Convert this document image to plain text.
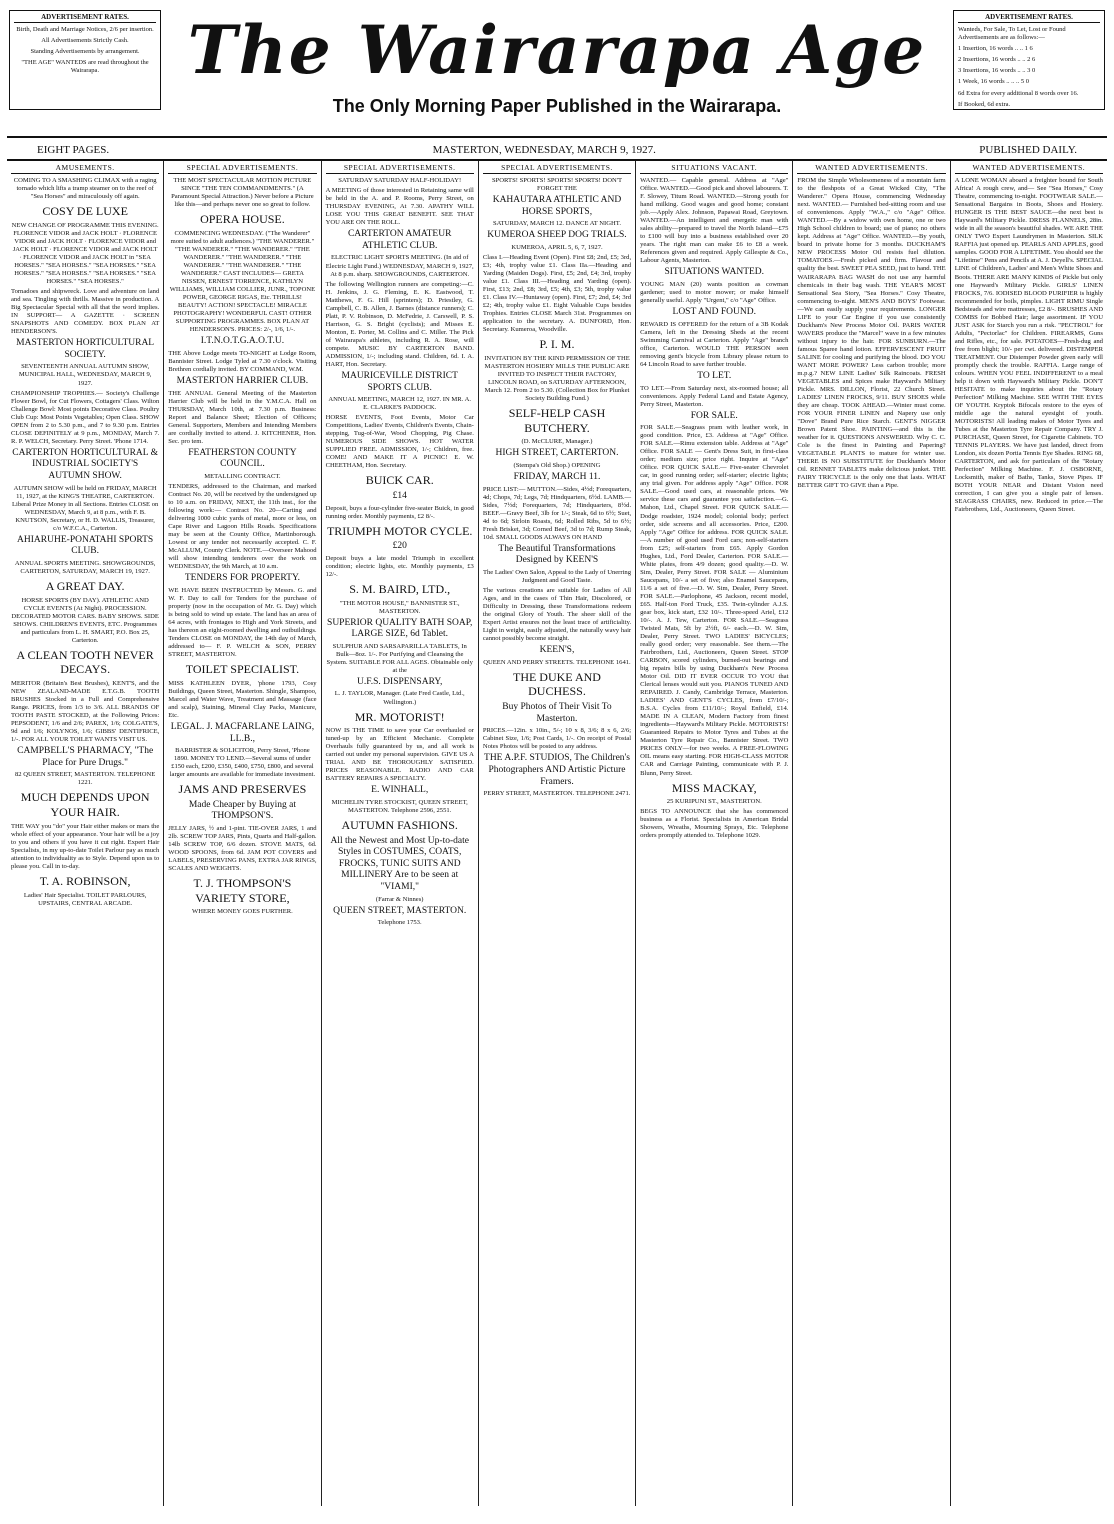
ADVERTISEMENT RATES.

Birth, Death and Marriage Notices, 2/6 per insertion.

All Advertisements Strictly Cash.

Standing Advertisements by arrangement.

"THE AGE" WANTEDS are read throughout the Wairarapa.	The Wairarapa Age
The Only Morning Paper Published in the Wairarapa.
ADVERTISEMENT RATES.

Wanteds, For Sale, To Let, Lost or Found Advertisements are as follows:—

1 Insertion, 16 words .. .. 1 6

2 Insertions, 16 words .. .. 2 6

3 Insertions, 16 words .. .. 3 0

1 Week, 16 words .. .. .. 5 0

6d Extra for every additional 8 words over 16.

If Booked, 6d extra.

EIGHT PAGES.	MASTERTON, WEDNESDAY, MARCH 9, 1927.	PUBLISHED DAILY.
AMUSEMENTS.
COMING TO A SMASHING CLIMAX with a raging tornado which lifts a tramp steamer on to the reef of "Sea Horses" and miraculously off again.
COSY DE LUXE
NEW CHANGE OF PROGRAMME THIS EVENING. FLORENCE VIDOR and JACK HOLT · FLORENCE VIDOR and JACK HOLT · FLORENCE VIDOR and JACK HOLT · FLORENCE VIDOR and JACK HOLT · FLORENCE VIDOR and JACK HOLT in "SEA HORSES." "SEA HORSES." "SEA HORSES." "SEA HORSES." "SEA HORSES." "SEA HORSES." "SEA HORSES." "SEA HORSES."
Tornadoes and shipwreck. Love and adventure on land and sea. Tingling with thrills. Massive in production. A Big Spectacular Special with all that the word implies. IN SUPPORT— A GAZETTE · SCREEN SNAPSHOTS AND COMEDY. BOX PLAN AT HENDERSON'S.
MASTERTON HORTICULTURAL SOCIETY.
SEVENTEENTH ANNUAL AUTUMN SHOW, MUNICIPAL HALL, WEDNESDAY, MARCH 9, 1927.
CHAMPIONSHIP TROPHIES.— Society's Challenge Flower Bowl, for Cut Flowers, Cottagers' Class. Wilton Challenge Bowl: Most points Decorative Class. Poultry Club Cup: Most Points Vegetables; Open Class. SHOW OPEN from 2 to 5.30 p.m., and 7 to 9.30 p.m. Entries CLOSE DEFINITELY at 9 p.m., MONDAY, March 7. R. P. WELCH, Secretary. Perry Street. 'Phone 1714.
CARTERTON HORTICULTURAL & INDUSTRIAL SOCIETY'S AUTUMN SHOW.
AUTUMN SHOW will be held on FRIDAY, MARCH 11, 1927, at the KING'S THEATRE, CARTERTON. Liberal Prize Money in all Sections. Entries CLOSE on WEDNESDAY, March 9, at 8 p.m., with F. B. KNUTSON, Secretary, or H. D. WALLIS, Treasurer, c/o W.F.C.A., Carterton.
AHIARUHE-PONATAHI SPORTS CLUB.
ANNUAL SPORTS MEETING. SHOWGROUNDS, CARTERTON, SATURDAY, MARCH 19, 1927.
A GREAT DAY.
HORSE SPORTS (BY DAY). ATHLETIC AND CYCLE EVENTS (At Night). PROCESSION. DECORATED MOTOR CARS. BABY SHOWS. SIDE SHOWS. CHILDREN'S EVENTS, ETC. Programmes and particulars from L. H. SMART, P.O. Box 25, Carterton.
A CLEAN TOOTH NEVER DECAYS.
MERITOR (Britain's Best Brushes), KENT'S, and the NEW ZEALAND-MADE E.T.G.B. TOOTH BRUSHES Stocked in a Full and Comprehensive Range. PRICES, from 1/3 to 3/6. ALL BRANDS OF TOOTH PASTE STOCKED, at the Following Prices: PEPSODENT, 1/6 and 2/6; PAREX, 1/6; COLGATE'S, 9d and 1/6; KOLYNOS, 1/6; GIBBS' DENTIFRICE, 1/-. FOR ALL YOUR TOILET WANTS VISIT US.
CAMPBELL'S PHARMACY, "The Place for Pure Drugs."
82 QUEEN STREET, MASTERTON. TELEPHONE 1221.
MUCH DEPENDS UPON YOUR HAIR.
THE WAY you "do" your Hair either makes or mars the whole effect of your appearance. Your hair will be a joy to you and others if you have it cut right. Expert Hair Specialists, in my up-to-date Toilet Parlour pay as much attention to individuality as to Style. Depend upon us to please you. Call in to-day.
T. A. ROBINSON,
Ladies' Hair Specialist. TOILET PARLOURS, UPSTAIRS, CENTRAL ARCADE.
SPECIAL ADVERTISEMENTS.
THE MOST SPECTACULAR MOTION PICTURE SINCE "THE TEN COMMANDMENTS." (A Paramount Special Attraction.) Never before a Picture like this—and perhaps never one so great to follow.
OPERA HOUSE.
COMMENCING WEDNESDAY. ("The Wanderer" more suited to adult audiences.) "THE WANDERER." "THE WANDERER." "THE WANDERER." "THE WANDERER." "THE WANDERER." "THE WANDERER." "THE WANDERER." "THE WANDERER." CAST INCLUDES— GRETA NISSEN, ERNEST TORRENCE, KATHLYN WILLIAMS, WILLIAM COLLIER, JUNR., TOPONE POWER, GEORGE RIGAS, Etc. THRILLS! BEAUTY! ACTION! SPECTACLE! MIRACLE PHOTOGRAPHY! WONDERFUL CAST! OTHER SUPPORTING PROGRAMMES. BOX PLAN AT HENDERSON'S. PRICES: 2/-, 1/6, 1/-.
I.T.N.O.T.G.A.O.T.U.
THE Above Lodge meets TO-NIGHT at Lodge Room, Bannister Street. Lodge Tyled at 7.30 o'clock. Visiting Brethren cordially invited. BY COMMAND, W.M.
MASTERTON HARRIER CLUB.
THE ANNUAL General Meeting of the Masterton Harrier Club will be held in the Y.M.C.A. Hall on THURSDAY, March 10th, at 7.30 p.m. Business: Report and Balance Sheet; Election of Officers; General. Supporters, Members and Intending Members are cordially invited to attend. J. KITCHENER, Hon. Sec. pro tem.
FEATHERSTON COUNTY COUNCIL.
METALLING CONTRACT.
TENDERS, addressed to the Chairman, and marked Contract No. 20, will be received by the undersigned up to 10 a.m. on FRIDAY, NEXT, the 11th inst., for the following work:— Contract No. 20—Carting and delivering 1000 cubic yards of metal, more or less, on Cape River and Lagoon Hills Roads. Specifications may be seen at the County Office, Martinborough. Lowest or any tender not necessarily accepted. C. F. McALLUM, County Clerk. NOTE.—Overseer Mahood will show intending tenderers over the work on WEDNESDAY, the 9th March, at 10 a.m.
TENDERS FOR PROPERTY.
WE HAVE BEEN INSTRUCTED by Messrs. G. and W. F. Day to call for Tenders for the purchase of property (now in the occupation of Mr. G. Day) which is being sold to wind up estate. The land has an area of 64 acres, with frontages to High and York Streets, and has thereon an eight-roomed dwelling and outbuildings. Tenders CLOSE on MONDAY, the 14th day of March, addressed to— F. P. WELCH & SON, PERRY STREET, MASTERTON.
TOILET SPECIALIST.
MISS KATHLEEN DYER, 'phone 1793, Cosy Buildings, Queen Street, Masterton. Shingle, Shampoo, Marcel and Water Wave, Treatment and Massage (face and scalp), Staining, Mineral Clay Packs, Manicure, Etc.
LEGAL. J. MACFARLANE LAING, LL.B.,
BARRISTER & SOLICITOR, Perry Street, 'Phone 1890. MONEY TO LEND.—Several sums of under £150 each, £200, £350, £400, £750, £800, and several larger amounts are available for immediate investment.
JAMS AND PRESERVES
Made Cheaper by Buying at THOMPSON'S.
JELLY JARS, ½ and 1-pint. TIE-OVER JARS, 1 and 2lb. SCREW TOP JARS, Pints, Quarts and Half-gallon. 14lb SCREW TOP, 6/6 dozen. STOVE MATS, 6d. WOOD SPOONS, from 6d. JAM POT COVERS and LABELS, PRESERVING PANS, EXTRA JAR RINGS, SCALES AND WEIGHTS.
T. J. THOMPSON'S VARIETY STORE,
WHERE MONEY GOES FURTHER.
SPECIAL ADVERTISEMENTS.
SATURDAY SATURDAY HALF-HOLIDAY!
A MEETING of those interested in Retaining same will be held in the A. and P. Rooms, Perry Street, on THURSDAY EVENING, At 7.30. APATHY WILL LOSE YOU THIS GREAT BENEFIT. SEE THAT YOU ARE ON THE ROLL.
CARTERTON AMATEUR ATHLETIC CLUB.
ELECTRIC LIGHT SPORTS MEETING. (In aid of Electric Light Fund.) WEDNESDAY, MARCH 9, 1927, At 8 p.m. sharp. SHOWGROUNDS, CARTERTON.
The following Wellington runners are competing:—C. H. Jenkins, J. G. Fleming, E. K. Eastwood, T. Matthews, F. G. Hill (sprinters); D. Priestley, G. Campbell, C. B. Allen, J. Barnes (distance runners); C. Platt, P. V. Robinson, D. McFedrie, J. Carswell, P. S. Harrison, G. S. Bright (cyclists); and Misses E. Monton, E. Porter, M. Collins and C. Miller. The Pick of Wairarapa's athletes, including R. A. Rose, will compete. MUSIC BY CARTERTON BAND. ADMISSION, 1/-; including stand. Children, 6d. I. A. HART, Hon. Secretary.
MAURICEVILLE DISTRICT SPORTS CLUB.
ANNUAL MEETING, MARCH 12, 1927. IN MR. A. E. CLARKE'S PADDOCK.
HORSE EVENTS, Foot Events, Motor Car Competitions, Ladies' Events, Children's Events, Chain-stepping, Tug-of-War, Wood Chopping, Pig Chase. NUMEROUS SIDE SHOWS. HOT WATER SUPPLIED FREE. ADMISSION, 1/-; Children, free. COME! AND MAKE IT A PICNIC! E. W. CHEETHAM, Hon. Secretary.
BUICK CAR.
£14
Deposit, buys a four-cylinder five-seater Buick, in good running order. Monthly payments, £2 8/-.
TRIUMPH MOTOR CYCLE.
£20
Deposit buys a late model Triumph in excellent condition; electric lights, etc. Monthly payments, £3 12/-.
S. M. BAIRD, LTD.,
"THE MOTOR HOUSE," BANNISTER ST., MASTERTON.
SUPERIOR QUALITY BATH SOAP, LARGE SIZE, 6d Tablet.
SULPHUR AND SARSAPARILLA TABLETS, In Bulk—8oz. 1/-. For Purifying and Cleansing the System. SUITABLE FOR ALL AGES. Obtainable only at the
U.F.S. DISPENSARY,
L. J. TAYLOR, Manager. (Late Fred Castle, Ltd., Wellington.)
MR. MOTORIST!
NOW IS THE TIME to save your Car overhauled or tuned-up by an Efficient Mechanic. Complete Overhauls fully guaranteed by us, and all work is carried out under my personal supervision. GIVE US A TRIAL AND BE THOROUGHLY SATISFIED. PRICES REASONABLE. RADIO AND CAR BATTERY REPAIRS A SPECIALTY.
E. WINHALL,
MICHELIN TYRE STOCKIST, QUEEN STREET, MASTERTON. Telephone 2596, 2551.
AUTUMN FASHIONS.
All the Newest and Most Up-to-date Styles in COSTUMES, COATS, FROCKS, TUNIC SUITS AND MILLINERY Are to be seen at "VIAMI,"
(Farrar & Ninnes)
QUEEN STREET, MASTERTON.
Telephone 1753.
SPECIAL ADVERTISEMENTS.
SPORTS! SPORTS! SPORTS! SPORTS! DON'T FORGET THE
KAHAUTARA ATHLETIC AND HORSE SPORTS,
SATURDAY, MARCH 12. DANCE AT NIGHT.
KUMEROA SHEEP DOG TRIALS.
KUMEROA, APRIL 5, 6, 7, 1927.
Class I.—Heading Event (Open). First £8; 2nd, £5; 3rd, £3; 4th, trophy value £1. Class IIa.—Heading and Yarding (Maiden Dogs). First, £5; 2nd, £4; 3rd, trophy value £1. Class III.—Heading and Yarding (open). First, £13; 2nd, £8; 3rd, £5; 4th, £3; 5th, trophy value £1. Class IV.—Huntaway (open). First, £7; 2nd, £4; 3rd £2; 4th, trophy value £1. Eight Valuable Cups besides Trophies. Entries CLOSE March 31st. Programmes on application to the secretary. A. DUNFORD, Hon. Secretary. Kumeroa, Woodville.
P. I. M.
INVITATION BY THE KIND PERMISSION OF THE MASTERTON HOSIERY MILLS THE PUBLIC ARE INVITED TO INSPECT THEIR FACTORY, LINCOLN ROAD, on SATURDAY AFTERNOON, March 12. From 2 to 5.30. (Collection Box for Plunket Society Building Fund.)
SELF-HELP CASH BUTCHERY.
(D. McCLURE, Manager.)
HIGH STREET, CARTERTON.
(Stempa's Old Shop.) OPENING
FRIDAY, MARCH 11.
PRICE LIST:— MUTTON.—Sides, 4½d; Forequarters, 4d; Chops, 7d; Legs, 7d; Hindquarters, 6½d. LAMB.—Sides, 7½d; Forequarters, 7d; Hindquarters, 8½d. BEEF.—Gravy Beef, 3lb for 1/-; Steak, 6d to 6½; Suet, 4d to 6d; Sirloin Roasts, 6d; Rolled Ribs, 5d to 6½; Fresh Brisket, 3d; Corned Beef, 3d to 7d; Rump Steak, 10d. SMALL GOODS ALWAYS ON HAND
The Beautiful Transformations Designed by KEEN'S
The Ladies' Own Salon, Appeal to the Lady of Unerring Judgment and Good Taste.
The various creations are suitable for Ladies of All Ages, and in the cases of Thin Hair, Discolored, or Difficulty in Dressing, these Transformations redeem the original Glory of Youth. The sheer skill of the Expert Artist ensures not the least trace of artificiality. Light in weight, easily adjusted, the naturally wavy hair cannot possibly become straight.
KEEN'S,
QUEEN AND PERRY STREETS. TELEPHONE 1641.
THE DUKE AND DUCHESS.
Buy Photos of Their Visit To Masterton.
PRICES.—12in. x 10in., 5/-; 10 x 8, 3/6; 8 x 6, 2/6; Cabinet Size, 1/6; Post Cards, 1/-. On receipt of Postal Notes Photos will be posted to any address.
THE A.P.F. STUDIOS, The Children's Photographers AND Artistic Picture Framers.
PERRY STREET, MASTERTON. TELEPHONE 2471.
SITUATIONS VACANT.
WANTED.— Capable general. Address at "Age" Office. WANTED.—Good pick and shovel labourers. T. F. Slowey, Titum Road. WANTED.—Strong youth for hand milking. Good wages and good home; constant job.—Apply Alex. Johnson, Papawai Road, Greytown. WANTED.—An intelligent and energetic man with sales ability—prepared to travel the North Island—£75 to £100 will buy into a business established over 20 years. The right man can make £6 to £8 a week. References given and required. Apply Gillespie & Co., Labour Agents, Masterton.
SITUATIONS WANTED.
YOUNG MAN (20) wants position as cowman gardener; used to motor mower; or make himself generally useful. Apply "Urgent," c/o "Age" Office.
LOST AND FOUND.
REWARD IS OFFERED for the return of a 3B Kodak Camera, left in the Dressing Sheds at the recent Swimming Carnival at Carterton. Apply "Age" branch office, Carterton. WOULD THE PERSON seen removing gent's bicycle from Library please return to 64 Lincoln Road to save further trouble.
TO LET.
TO LET.—From Saturday next, six-roomed house; all conveniences. Apply Federal Land and Estate Agency, Perry Street, Masterton.
FOR SALE.
FOR SALE.—Seagrass pram with leather work, in good condition. Price, £3. Address at "Age" Office. FOR SALE.—Rimu extension table. Address at "Age" Office. FOR SALE — Gent's Dress Suit, in first-class order; medium size; price right. Inquire at "Age" Office. FOR QUICK SALE.— Five-seater Chevrolet car, in good running order; self-starter; electric lights; any trial given. For address apply "Age" Office. FOR SALE.—Good used cars, at reasonable prices. We service these cars and guarantee you satisfaction.—G. Mahon, Ltd., Chapel Street. FOR QUICK SALE.—Dodge roadster, 1924 model; colonial body; perfect order, side screens and all accessories. Price, £200. Apply "Age" Office for address. FOR QUICK SALE.—A number of good used Ford cars; non-self-starters from £25; self-starters from £65. Apply Gordon Hughes, Ltd., Ford Dealer, Carterton. FOR SALE.—White plates, from 4/9 dozen; good quality.—D. W. Sim, Dealer, Perry Street. FOR SALE — Aluminium Saucepans, 10/- a set of five; also Enamel Saucepans, 11/6 a set of five.—D. W. Sim, Dealer, Perry Street. FOR SALE.—Parlophone, 45 Jackson, recent model, £65. Half-ton Ford Truck, £35. Twin-cylinder A.J.S. gear box, kick start, £32 10/-. Three-speed Ariel, £12 10/-. A. J. Tew, Carterton. FOR SALE.—Seagrass Twisted Mats, 5ft by 2½ft, 6/- each.—D. W. Sim, Dealer, Perry Street. TWO LADIES' BICYCLES; really good order; very reasonable. See them.—The Fairbrothers, Ltd., Auctioneers, Queen Street. STOP CARBON, scored cylinders, burned-out bearings and big repairs bills by using Duckham's New Process Motor Oil. DID IT EVER OCCUR TO YOU that Clerical lenses would suit you. PIANOS TUNED AND REPAIRED. J. Candy, Cambridge Terrace, Masterton. LADIES' AND GENT'S CYCLES, from £7/10/-; B.S.A. Cycles from £11/10/-; Royal Enfield, £14. MADE IN A CLEAN, Modern Factory from finest ingredients—Hayward's Military Pickle. MOTORISTS! Guaranteed Repairs to Motor Tyres and Tubes at the Masterton Tyre Repair Co., Bannister Street. TWO PRICES ONLY—for two weeks. A FREE-FLOWING OIL means easy starting. FOR HIGH-CLASS MOTOR CAR and Carriage Painting, communicate with P. J. Blunn, Perry Street.
MISS MACKAY,
25 KURIPUNI ST., MASTERTON.
BEGS TO ANNOUNCE that she has commenced business as a Florist. Specialists in American Bridal Showers, Wreaths, Mourning Sprays, Etc. Telephone orders promptly attended to. Telephone 1029.
WANTED ADVERTISEMENTS.
FROM the Simple Wholesomeness of a mountain farm to the fleshpots of a Great Wicked City, "The Wanderer." Opera House, commencing Wednesday next. WANTED.— Furnished bed-sitting room and use of conveniences. Apply "W.A.," c/o "Age" Office. WANTED.—By a widow with own home, one or two High School children to board; use of piano; no others kept. Address at "Age" Office. WANTED.—By youth, board in private home for 3 months. DUCKHAM'S NEW PROCESS Motor Oil resists fuel dilution. TOMATOES.—Fresh picked and firm. Flavour and quality the best. SWEET PEA SEED, just to hand. THE WAIRARAPA BAG WASH do not use any harmful chemicals in their bag wash. THE YEAR'S MOST Sensational Sea Story, "Sea Horses." Cosy Theatre, commencing to-night. MEN'S AND BOYS' Footwear.—We can easily supply your requirements. LONGER LIFE to your Car Engine if you use consistently Duckham's New Process Motor Oil. PARIS WATER WAVERS produce the "Marcel" wave in a few minutes without injury to the hair. FOR SUNBURN.—The famous Sparee hand lotion. EFFERVESCENT FRUIT SALINE for cooling and purifying the blood. DO YOU WANT MORE POWER? Less carbon trouble; more m.p.g.? NEW LINE Ladies' Silk Raincoats. FRESH VEGETABLES and Spices make Hayward's Military Pickle. MRS. DILLON, Florist, 22 Church Street. LADIES' LINEN FROCKS, 9/11. BUY SHOES while they are cheap. TOOK AHEAD.—Winter must come. FOR YOUR FINER LINEN and Napery use only "Dove" Brand Pure Rice Starch. GENT'S NIGGER Brown Patent Shoe. PAINTING—and this is the weather for it. QUESTIONS ANSWERED. Why C. C. Cole is the finest in Painting and Papering? VEGETABLE PLANTS to mature for winter use. THERE IS NO SUBSTITUTE for Duckham's Motor Oil. RENNET TABLETS make delicious junket. THE FAIRY TRICYCLE is the only one that lasts. WHAT BETTER GIFT TO GIVE than a Pipe.
WANTED ADVERTISEMENTS.
A LONE WOMAN aboard a freighter bound for South Africa! A rough crew, and— See "Sea Horses," Cosy Theatre, commencing to-night. FOOTWEAR SALE.—Sensational Bargains in Boots, Shoes and Hosiery. HUNGER IS THE BEST SAUCE—the next best is Hayward's Military Pickle. DRESS FLANNELS, 28in. wide in all the season's beautiful shades. WE ARE THE ONLY TWO Expert Laundrymen in Masterton. SILK RAFFIA just opened up. PEARLS AND APPLES, good samples. GOOD FOR A LIFETIME. You should see the "Lifetime" Pens and Pencils at A. J. Deyell's. SPECIAL LINE of Children's, Ladies' and Men's White Shoes and Boots. THERE ARE MANY KINDS of Pickle but only one Hayward's Military Pickle. GIRLS' LINEN FROCKS, 7/6. IODISED BLOOD PURIFIER is highly recommended for boils, pimples. LIGHT RIMU Single Bedsteads and wire mattresses, £2 8/-. BRUSHES AND COMBS for Bobbed Hair; large assortment. IF YOU JUST ASK for Starch you run a risk. "PECTROL" for Adults, "Pectorlac" for Children. FIREARMS, Guns and Rifles, etc., for sale. POTATOES—Fresh-dug and free from blight; 10/- per cwt. delivered. DISTEMPER TREATMENT. Our Distemper Powder given early will promptly check the trouble. RAFFIA. Large range of colours. WHEN YOU FEEL INDIFFERENT to a meal help it down with Hayward's Military Pickle. DON'T HESITATE to make inquiries about the "Rotary Perfection" Milking Machine. SEE WITH THE EYES OF YOUTH. Kryptok Bifocals restore to the eyes of middle age the natural eyesight of youth. MOTORISTS! All leading makes of Motor Tyres and Tubes at the Masterton Tyre Repair Company. TRY J. PURCHASE, Queen Street, for Cigarette Cabinets. TO TENNIS PLAYERS. We have just landed, direct from London, six dozen Portia Tennis Eye Shades. RING 68, CARTERTON, and ask for particulars of the "Rotary Perfection" Milking Machine. F. J. OSBORNE, Locksmith, maker of Baths, Tanks, Stove Pipes. IF BOTH YOUR NEAR and Distant Vision need correction, I can give you a single pair of lenses. SEAGRASS CHAIRS, new. Reduced in price.—The Fairbrothers, Ltd., Auctioneers, Queen Street.
